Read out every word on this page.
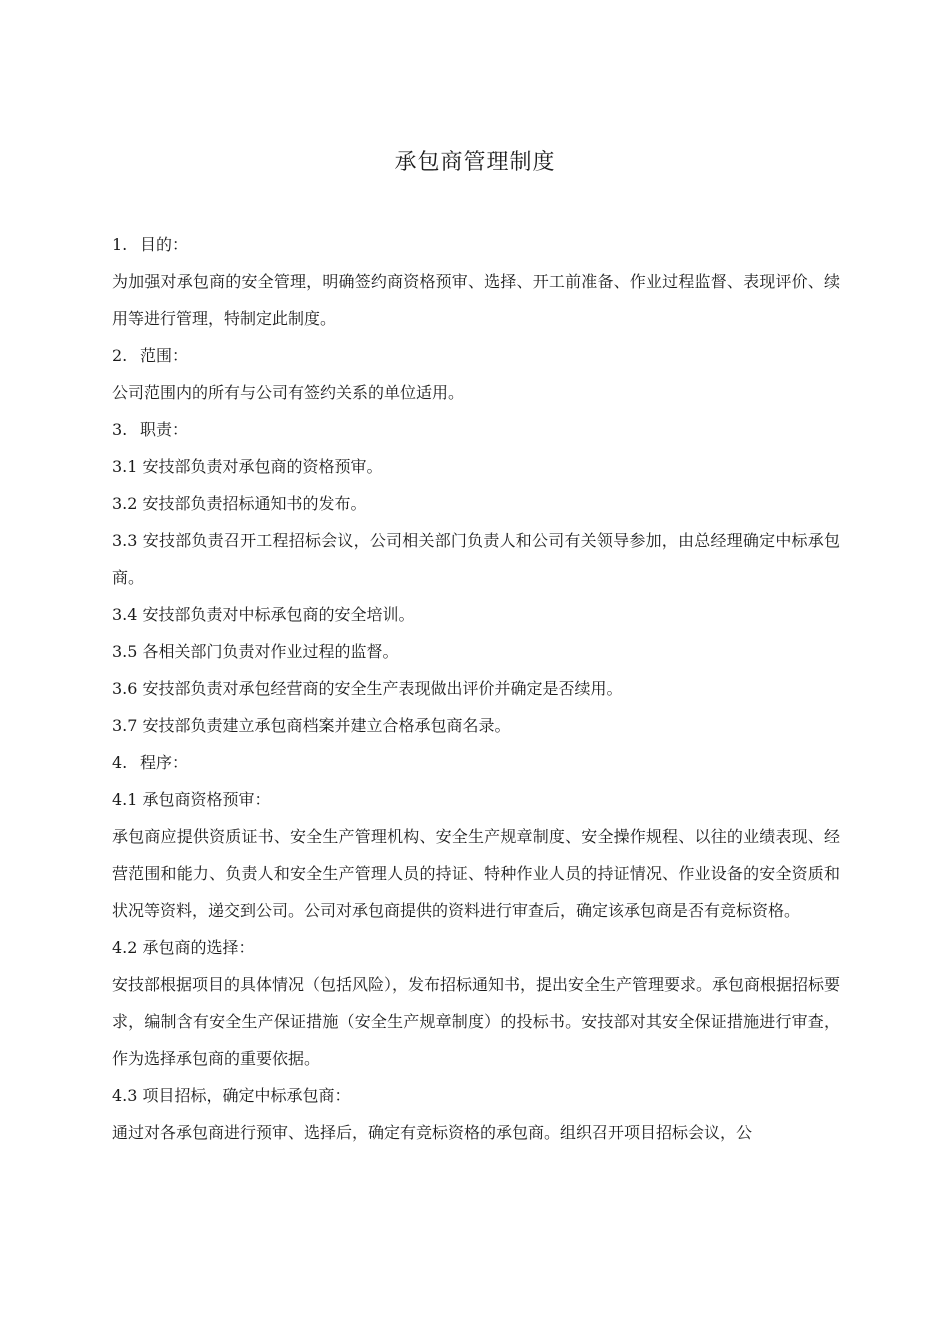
承包商管理制度

1. 目的：

为加强对承包商的安全管理，明确签约商资格预审、选择、开工前准备、作业过程监督、表现评价、续用等进行管理，特制定此制度。

2. 范围：

公司范围内的所有与公司有签约关系的单位适用。

3. 职责：

3.1 安技部负责对承包商的资格预审。

3.2 安技部负责招标通知书的发布。

3.3 安技部负责召开工程招标会议，公司相关部门负责人和公司有关领导参加，由总经理确定中标承包商。

3.4 安技部负责对中标承包商的安全培训。

3.5 各相关部门负责对作业过程的监督。

3.6 安技部负责对承包经营商的安全生产表现做出评价并确定是否续用。

3.7 安技部负责建立承包商档案并建立合格承包商名录。

4. 程序：

4.1 承包商资格预审：

承包商应提供资质证书、安全生产管理机构、安全生产规章制度、安全操作规程、以往的业绩表现、经营范围和能力、负责人和安全生产管理人员的持证、特种作业人员的持证情况、作业设备的安全资质和状况等资料，递交到公司。公司对承包商提供的资料进行审查后，确定该承包商是否有竞标资格。

4.2 承包商的选择：

安技部根据项目的具体情况（包括风险），发布招标通知书，提出安全生产管理要求。承包商根据招标要求，编制含有安全生产保证措施（安全生产规章制度）的投标书。安技部对其安全保证措施进行审查，作为选择承包商的重要依据。

4.3 项目招标，确定中标承包商：

通过对各承包商进行预审、选择后，确定有竞标资格的承包商。组织召开项目招标会议，公
